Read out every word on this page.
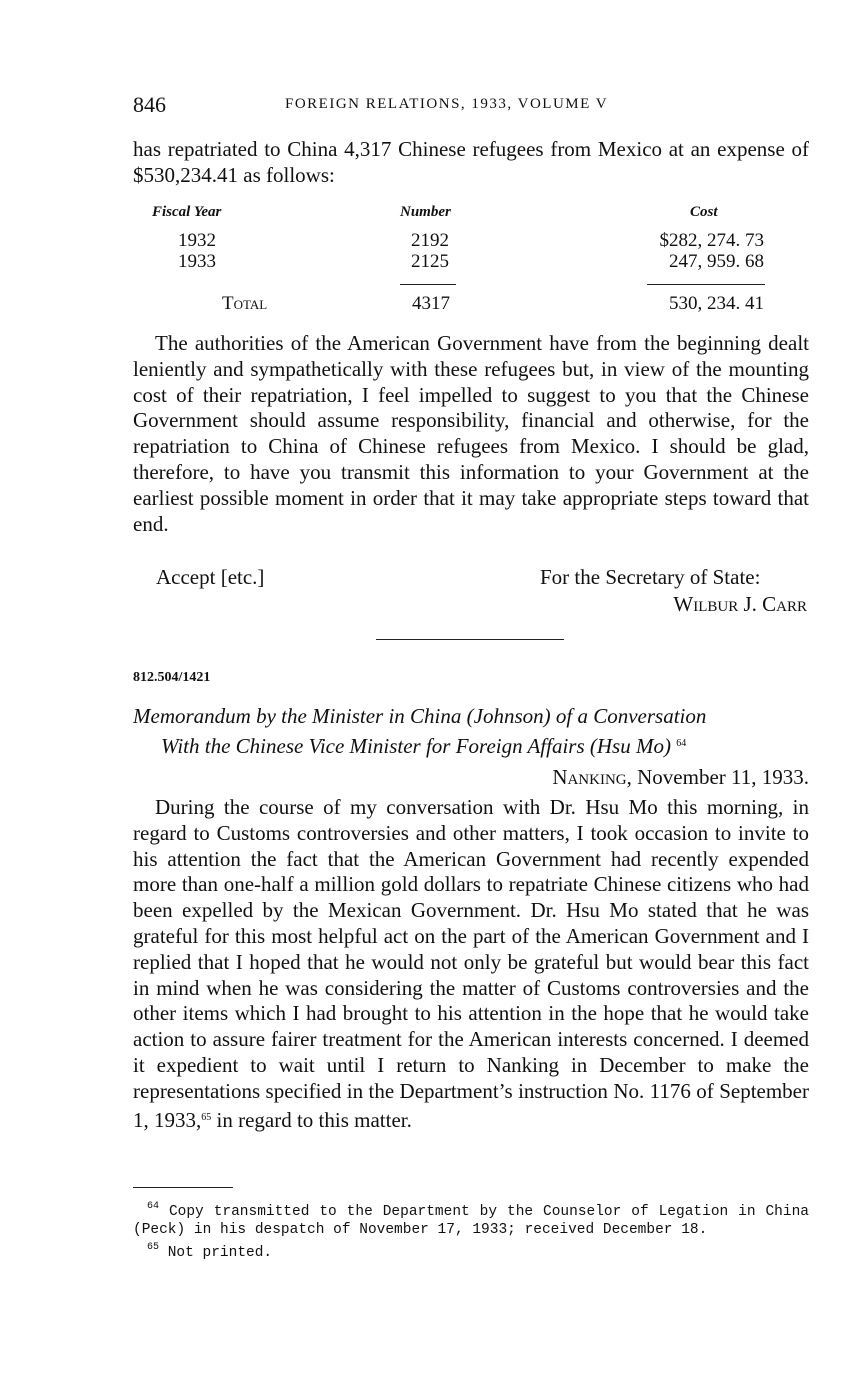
846	FOREIGN RELATIONS, 1933, VOLUME V

has repatriated to China 4,317 Chinese refugees from Mexico at an expense of $530,234.41 as follows:

Fiscal Year	Number	Cost
1932	2192	$282, 274. 73
1933	2125	247, 959. 68
Total	4317	530, 234. 41

The authorities of the American Government have from the beginning dealt leniently and sympathetically with these refugees but, in view of the mounting cost of their repatriation, I feel impelled to suggest to you that the Chinese Government should assume responsibility, financial and otherwise, for the repatriation to China of Chinese refugees from Mexico. I should be glad, therefore, to have you transmit this information to your Government at the earliest possible moment in order that it may take appropriate steps toward that end.

Accept [etc.]	For the Secretary of State:
Wilbur J. Carr
812.504/1421
Memorandum by the Minister in China (Johnson) of a Conversation
With the Chinese Vice Minister for Foreign Affairs (Hsu Mo) $^{64}$
Nanking, November 11, 1933.

During the course of my conversation with Dr. Hsu Mo this morning, in regard to Customs controversies and other matters, I took occasion to invite to his attention the fact that the American Government had recently expended more than one-half a million gold dollars to repatriate Chinese citizens who had been expelled by the Mexican Government. Dr. Hsu Mo stated that he was grateful for this most helpful act on the part of the American Government and I replied that I hoped that he would not only be grateful but would bear this fact in mind when he was considering the matter of Customs controversies and the other items which I had brought to his attention in the hope that he would take action to assure fairer treatment for the American interests concerned. I deemed it expedient to wait until I return to Nanking in December to make the representations specified in the Department’s instruction No. 1176 of September 1, 1933,65 in regard to this matter.

$^{64}$ Copy transmitted to the Department by the Counselor of Legation in China (Peck) in his despatch of November 17, 1933; received December 18.

$^{65}$ Not printed.
